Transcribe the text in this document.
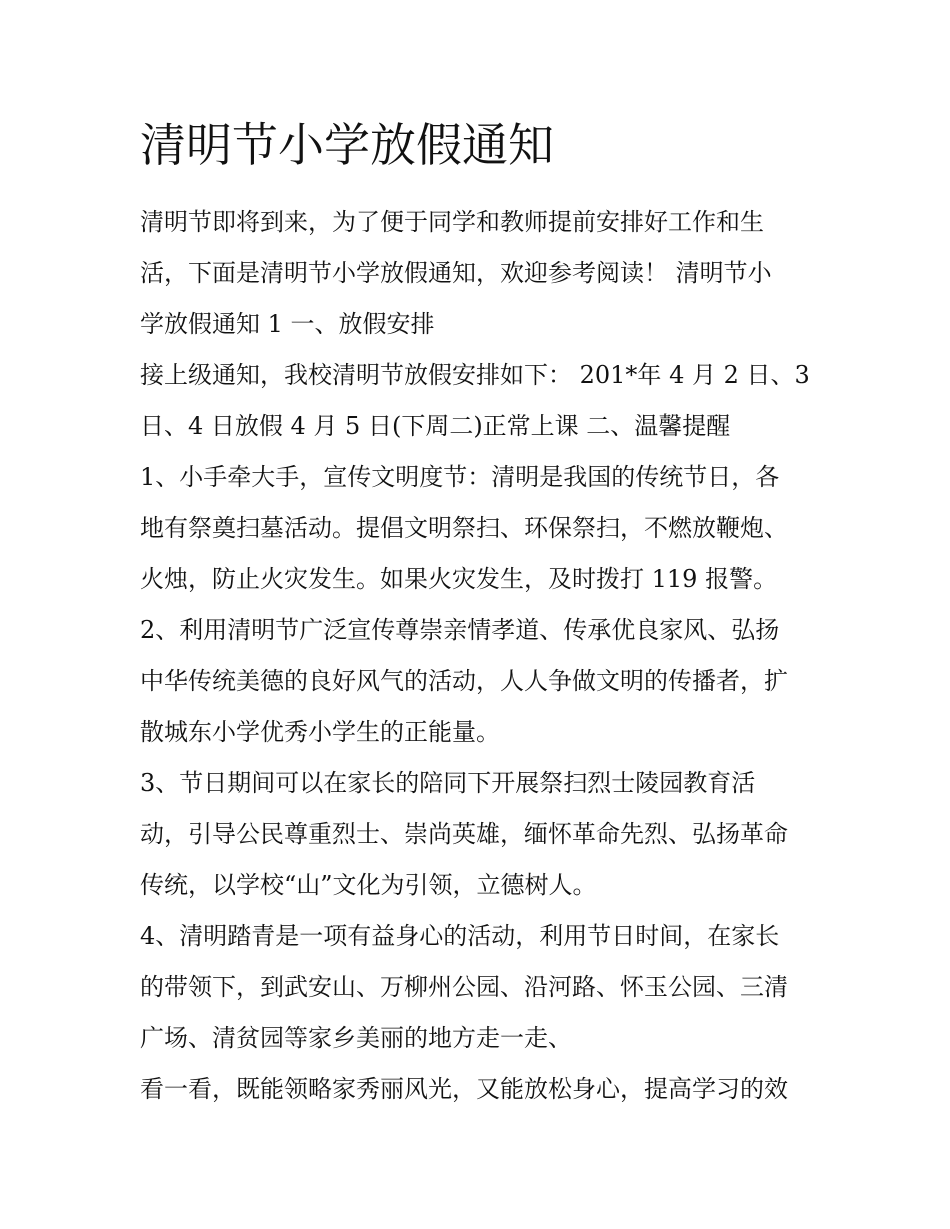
清明节小学放假通知

清明节即将到来，为了便于同学和教师提前安排好工作和生

活，下面是清明节小学放假通知，欢迎参考阅读！ 清明节小

学放假通知 1 一、放假安排

接上级通知，我校清明节放假安排如下： 201*年 4 月 2 日、3

日、4 日放假 4 月 5 日(下周二)正常上课 二、温馨提醒

1、小手牵大手，宣传文明度节：清明是我国的传统节日，各

地有祭奠扫墓活动。提倡文明祭扫、环保祭扫，不燃放鞭炮、

火烛，防止火灾发生。如果火灾发生，及时拨打 119 报警。

2、利用清明节广泛宣传尊崇亲情孝道、传承优良家风、弘扬

中华传统美德的良好风气的活动，人人争做文明的传播者，扩

散城东小学优秀小学生的正能量。

3、节日期间可以在家长的陪同下开展祭扫烈士陵园教育活

动，引导公民尊重烈士、崇尚英雄，缅怀革命先烈、弘扬革命

传统，以学校“山”文化为引领，立德树人。

4、清明踏青是一项有益身心的活动，利用节日时间，在家长

的带领下，到武安山、万柳州公园、沿河路、怀玉公园、三清

广场、清贫园等家乡美丽的地方走一走、

看一看，既能领略家秀丽风光，又能放松身心，提高学习的效
